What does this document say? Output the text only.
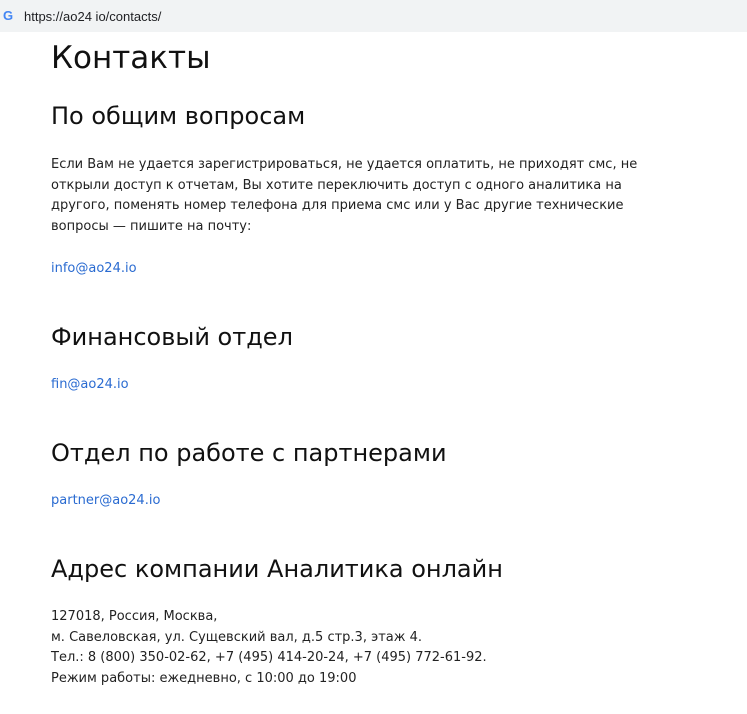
G https://ao24 io/contacts/
Контакты
По общим вопросам

Если Вам не удается зарегистрироваться, не удается оплатить, не приходят смс, не
открыли доступ к отчетам, Вы хотите переключить доступ с одного аналитика на
другого, поменять номер телефона для приема смс или у Вас другие технические
вопросы — пишите на почту:

info@ao24.io
Финансовый отдел
fin@ao24.io
Отдел по работе с партнерами
partner@ao24.io
Адрес компании Аналитика онлайн

127018, Россия, Москва,
м. Савеловская, ул. Сущевский вал, д.5 стр.3, этаж 4.
Тел.: 8 (800) 350-02-62, +7 (495) 414-20-24, +7 (495) 772-61-92.
Режим работы: ежедневно, с 10:00 до 19:00
